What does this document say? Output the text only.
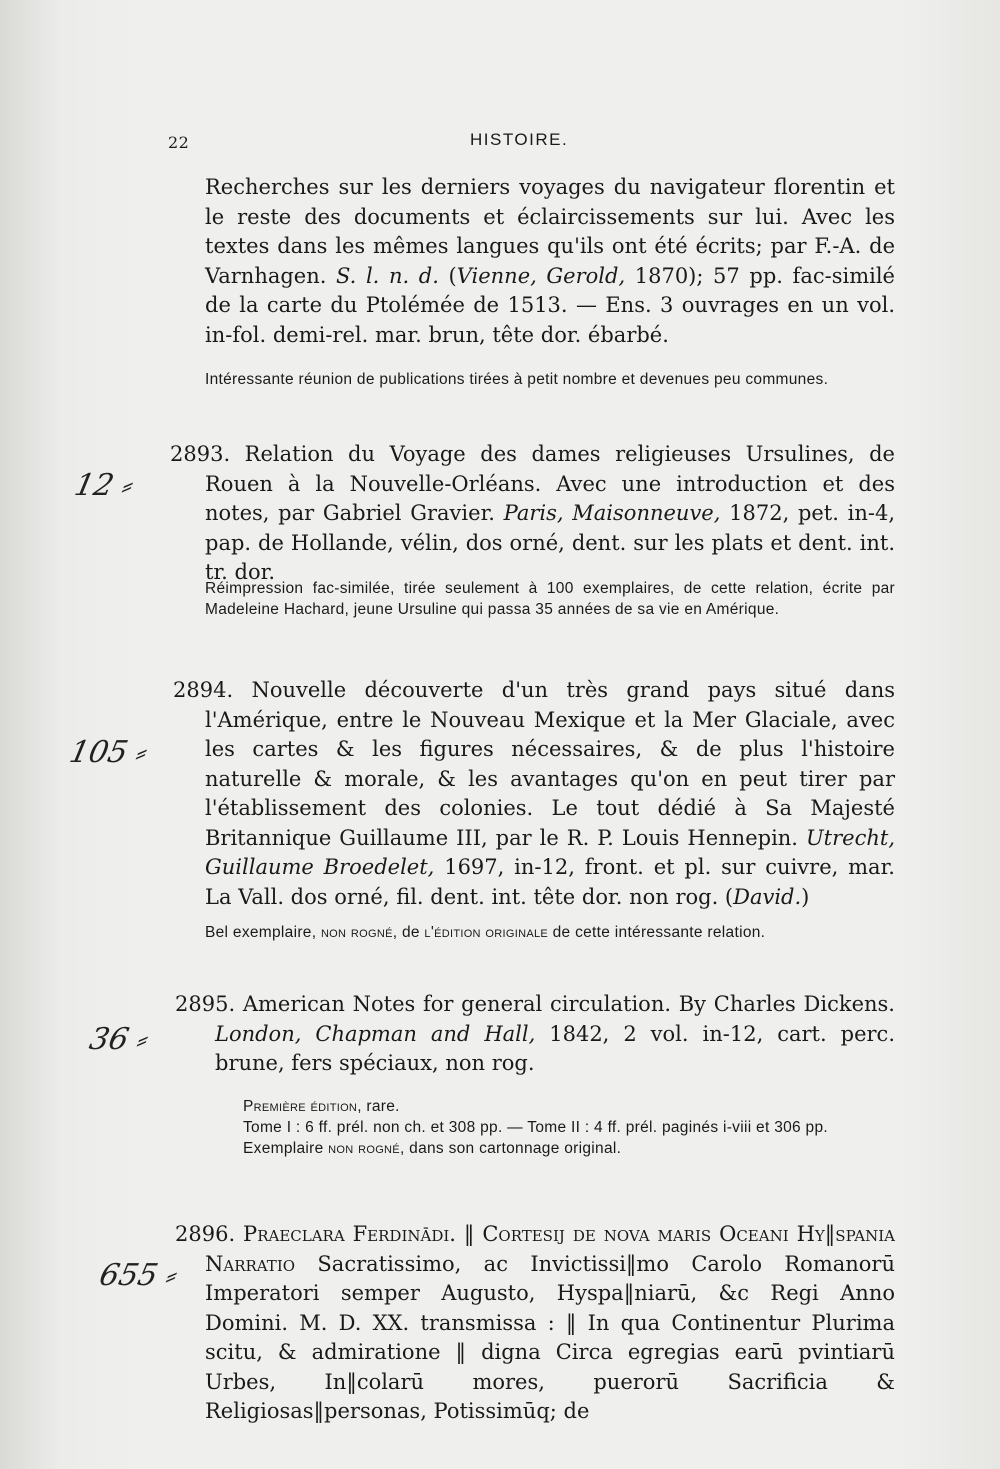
22	HISTOIRE.
Recherches sur les derniers voyages du navigateur florentin et le reste des documents et éclaircissements sur lui. Avec les textes dans les mêmes langues qu'ils ont été écrits; par F.-A. de Varnhagen. S. l. n. d. (Vienne, Gerold, 1870); 57 pp. fac-similé de la carte du Ptolémée de 1513. — Ens. 3 ouvrages en un vol. in-fol. demi-rel. mar. brun, tête dor. ébarbé.
Intéressante réunion de publications tirées à petit nombre et devenues peu communes.
12 ⸗
2893. Relation du Voyage des dames religieuses Ursulines, de Rouen à la Nouvelle-Orléans. Avec une introduction et des notes, par Gabriel Gravier. Paris, Maisonneuve, 1872, pet. in-4, pap. de Hollande, vélin, dos orné, dent. sur les plats et dent. int. tr. dor.
Réimpression fac-similée, tirée seulement à 100 exemplaires, de cette relation, écrite par Madeleine Hachard, jeune Ursuline qui passa 35 années de sa vie en Amérique.
105 ⸗
2894. Nouvelle découverte d'un très grand pays situé dans l'Amérique, entre le Nouveau Mexique et la Mer Glaciale, avec les cartes & les figures nécessaires, & de plus l'histoire naturelle & morale, & les avantages qu'on en peut tirer par l'établissement des colonies. Le tout dédié à Sa Majesté Britannique Guillaume III, par le R. P. Louis Hennepin. Utrecht, Guillaume Broedelet, 1697, in-12, front. et pl. sur cuivre, mar. La Vall. dos orné, fil. dent. int. tête dor. non rog. (David.)
Bel exemplaire, non rogné, de l'édition originale de cette intéressante relation.
36 ⸗
2895. American Notes for general circulation. By Charles Dickens. London, Chapman and Hall, 1842, 2 vol. in-12, cart. perc. brune, fers spéciaux, non rog.
Première édition, rare.
Tome I : 6 ff. prél. non ch. et 308 pp. — Tome II : 4 ff. prél. paginés i-viii et 306 pp.
Exemplaire non rogné, dans son cartonnage original.
655 ⸗
2896. Praeclara Ferdinādi. ‖ Cortesij de nova maris Oceani Hy‖spania Narratio Sacratissimo, ac Invictissi‖mo Carolo Romanorū Imperatori semper Augusto, Hyspa‖niarū, &c Regi Anno Domini. M. D. XX. transmissa : ‖ In qua Continentur Plurima scitu, & admiratione ‖ digna Circa egregias earū pvintiarū Urbes, In‖colarū mores, puerorū Sacrificia & Religiosas‖personas, Potissimūq; de
